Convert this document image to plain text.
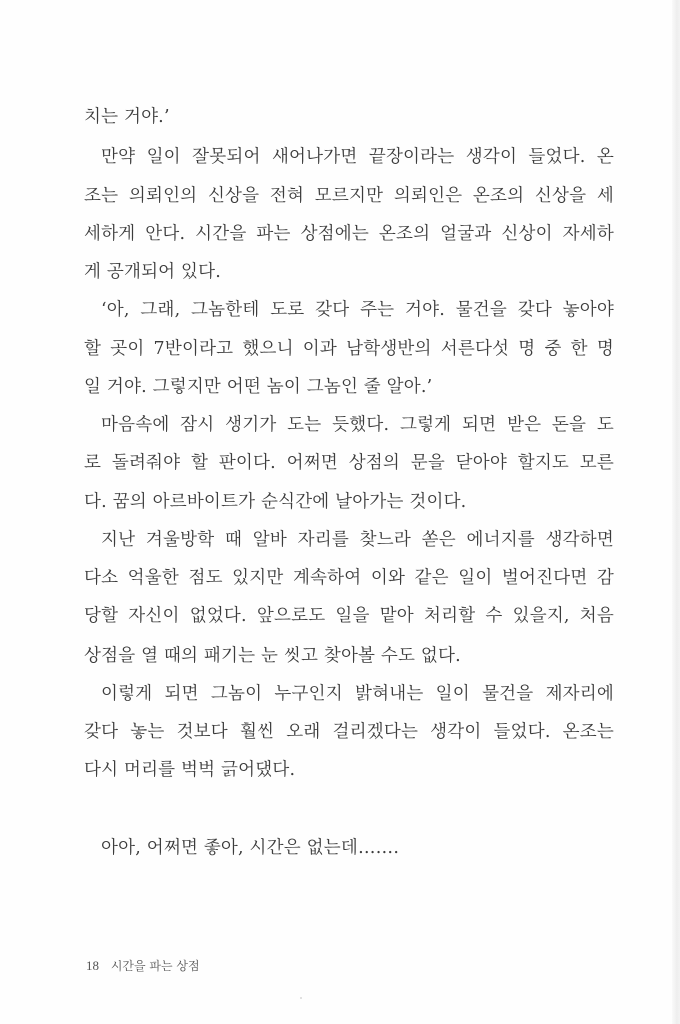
치는 거야.’
만약 일이 잘못되어 새어나가면 끝장이라는 생각이 들었다. 온
조는 의뢰인의 신상을 전혀 모르지만 의뢰인은 온조의 신상을 세
세하게 안다. 시간을 파는 상점에는 온조의 얼굴과 신상이 자세하
게 공개되어 있다.
‘아, 그래, 그놈한테 도로 갖다 주는 거야. 물건을 갖다 놓아야
할 곳이 7반이라고 했으니 이과 남학생반의 서른다섯 명 중 한 명
일 거야. 그렇지만 어떤 놈이 그놈인 줄 알아.’
마음속에 잠시 생기가 도는 듯했다. 그렇게 되면 받은 돈을 도
로 돌려줘야 할 판이다. 어쩌면 상점의 문을 닫아야 할지도 모른
다. 꿈의 아르바이트가 순식간에 날아가는 것이다.
지난 겨울방학 때 알바 자리를 찾느라 쏟은 에너지를 생각하면
다소 억울한 점도 있지만 계속하여 이와 같은 일이 벌어진다면 감
당할 자신이 없었다. 앞으로도 일을 맡아 처리할 수 있을지, 처음
상점을 열 때의 패기는 눈 씻고 찾아볼 수도 없다.
이렇게 되면 그놈이 누구인지 밝혀내는 일이 물건을 제자리에
갖다 놓는 것보다 훨씬 오래 걸리겠다는 생각이 들었다. 온조는
다시 머리를 벅벅 긁어댔다.
아아, 어쩌면 좋아, 시간은 없는데…….
18 시간을 파는 상점
